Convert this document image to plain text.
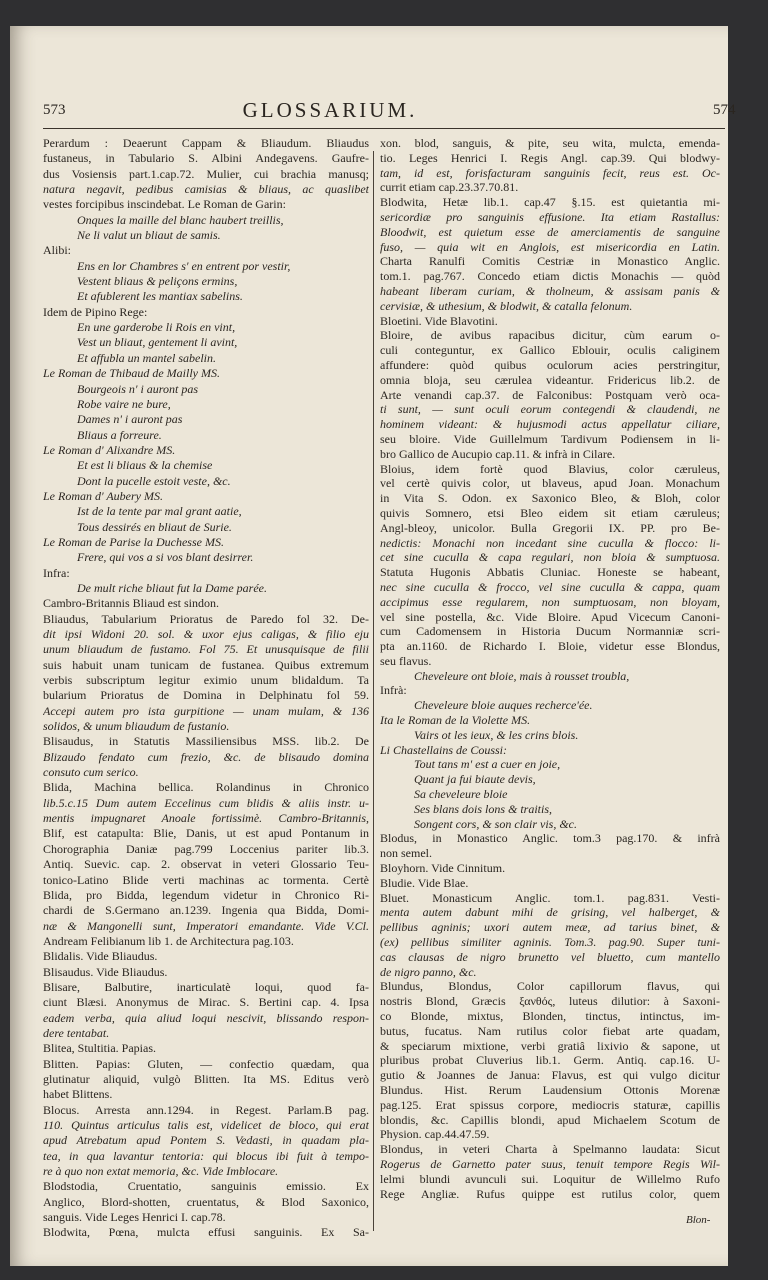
573	GLOSSARIUM.	574
Perardum : Deaerunt Cappam & Bliaudum. Bliaudus
fustaneus, in Tabulario S. Albini Andegavens. Gaufre-
dus Vosiensis part.1.cap.72. Mulier, cui brachia manusq;
natura negavit, pedibus camisias & bliaus, ac quaslibet
vestes forcipibus inscindebat. Le Roman de Garin:
Onques la maille del blanc haubert treillis,
Ne li valut un bliaut de samis.
Alibi:
Ens en lor Chambres s' en entrent por vestir,
Vestent bliaus & peliçons ermins,
Et afublerent les mantiax sabelins.
Idem de Pipino Rege:
En une garderobe li Rois en vint,
Vest un bliaut, gentement li avint,
Et affubla un mantel sabelin.
Le Roman de Thibaud de Mailly MS.
Bourgeois n' i auront pas
Robe vaire ne bure,
Dames n' i auront pas
Bliaus a forreure.
Le Roman d' Alixandre MS.
Et est li bliaus & la chemise
Dont la pucelle estoit veste, &c.
Le Roman d' Aubery MS.
Ist de la tente par mal grant aatie,
Tous dessirés en bliaut de Surie.
Le Roman de Parise la Duchesse MS.
Frere, qui vos a si vos blant desirrer.
Infra:
De mult riche bliaut fut la Dame parée.
Cambro-Britannis Bliaud est sindon.
Bliaudus, Tabularium Prioratus de Paredo fol 32. De-
dit ipsi Widoni 20. sol. & uxor ejus caligas, & filio eju
unum bliaudum de fustamo. Fol 75. Et unusquisque de filii
suis habuit unam tunicam de fustanea. Quibus extremum
verbis subscriptum legitur eximio unum blidaldum. Ta
bularium Prioratus de Domina in Delphinatu fol 59.
Accepi autem pro ista gurpitione — unam mulam, & 136
solidos, & unum bliaudum de fustanio.
Blisaudus, in Statutis Massiliensibus MSS. lib.2. De
Blizaudo fendato cum frezio, &c. de blisaudo domina
consuto cum serico.
Blida, Machina bellica. Rolandinus in Chronico
lib.5.c.15 Dum autem Eccelinus cum blidis & aliis instr. u-
mentis impugnaret Anoale fortissimè. Cambro-Britannis,
Blif, est catapulta: Blie, Danis, ut est apud Pontanum in
Chorographia Daniæ pag.799 Loccenius pariter lib.3.
Antiq. Suevic. cap. 2. observat in veteri Glossario Teu-
tonico-Latino Blide verti machinas ac tormenta. Certè
Blida, pro Bidda, legendum videtur in Chronico Ri-
chardi de S.Germano an.1239. Ingenia qua Bidda, Domi-
næ & Mangonelli sunt, Imperatori emandante. Vide V.Cl.
Andream Felibianum lib 1. de Architectura pag.103.
Blidalis. Vide Bliaudus.
Blisaudus. Vide Bliaudus.
Blisare, Balbutire, inarticulatè loqui, quod fa-
ciunt Blæsi. Anonymus de Mirac. S. Bertini cap. 4. Ipsa
eadem verba, quia aliud loqui nescivit, blissando respon-
dere tentabat.
Blitea, Stultitia. Papias.
Blitten. Papias: Gluten, — confectio quædam, qua
glutinatur aliquid, vulgò Blitten. Ita MS. Editus verò
habet Blittens.
Blocus. Arresta ann.1294. in Regest. Parlam.B pag.
110. Quintus articulus talis est, videlicet de bloco, qui erat
apud Atrebatum apud Pontem S. Vedasti, in quadam pla-
tea, in qua lavantur tentoria: qui blocus ibi fuit à tempo-
re à quo non extat memoria, &c. Vide Imblocare.
Blodstodia, Cruentatio, sanguinis emissio. Ex
Anglico, Blord-shotten, cruentatus, & Blod Saxonico,
sanguis. Vide Leges Henrici I. cap.78.
Blodwita, Pœna, mulcta effusi sanguinis. Ex Sa-
xon. blod, sanguis, & pite, seu wita, mulcta, emenda-
tio. Leges Henrici I. Regis Angl. cap.39. Qui blodwy-
tam, id est, forisfacturam sanguinis fecit, reus est. Oc-
currit etiam cap.23.37.70.81.
Blodwita, Hetæ lib.1. cap.47 §.15. est quietantia mi-
sericordiæ pro sanguinis effusione. Ita etiam Rastallus:
Bloodwit, est quietum esse de amerciamentis de sanguine
fuso, — quia wit en Anglois, est misericordia en Latin.
Charta Ranulfi Comitis Cestriæ in Monastico Anglic.
tom.1. pag.767. Concedo etiam dictis Monachis — quòd
habeant liberam curiam, & tholneum, & assisam panis &
cervisiæ, & uthesium, & blodwit, & catalla felonum.
Bloetini. Vide Blavotini.
Bloire, de avibus rapacibus dicitur, cùm earum o-
culi conteguntur, ex Gallico Eblouir, oculis caliginem
affundere: quòd quibus oculorum acies perstringitur,
omnia bloja, seu cærulea videantur. Fridericus lib.2. de
Arte venandi cap.37. de Falconibus: Postquam verò oca-
ti sunt, — sunt oculi eorum contegendi & claudendi, ne
hominem videant: & hujusmodi actus appellatur ciliare,
seu bloire. Vide Guillelmum Tardivum Podiensem in li-
bro Gallico de Aucupio cap.11. & infrà in Cilare.
Bloius, idem fortè quod Blavius, color cæruleus,
vel certè quivis color, ut blaveus, apud Joan. Monachum
in Vita S. Odon. ex Saxonico Bleo, & Bloh, color
quivis Somnero, etsi Bleo eidem sit etiam cæruleus;
Angl-bleoy, unicolor. Bulla Gregorii IX. PP. pro Be-
nedictis: Monachi non incedant sine cuculla & flocco: li-
cet sine cuculla & capa regulari, non bloia & sumptuosa.
Statuta Hugonis Abbatis Cluniac. Honeste se habeant,
nec sine cuculla & frocco, vel sine cuculla & cappa, quam
accipimus esse regularem, non sumptuosam, non bloyam,
vel sine postella, &c. Vide Bloire. Apud Vicecum Canoni-
cum Cadomensem in Historia Ducum Normanniæ scri-
pta an.1160. de Richardo I. Bloie, videtur esse Blondus,
seu flavus.
Cheveleure ont bloie, mais à rousset troubla,
Infrà:
Cheveleure bloie auques recherce'ée.
Ita le Roman de la Violette MS.
Vairs ot les ieux, & les crins blois.
Li Chastellains de Coussi:
Tout tans m' est a cuer en joie,
Quant ja fui biaute devis,
Sa cheveleure bloie
Ses blans dois lons & traitis,
Songent cors, & son clair vis, &c.
Blodus, in Monastico Anglic. tom.3 pag.170. & infrà
non semel.
Bloyhorn. Vide Cinnitum.
Bludie. Vide Blae.
Bluet. Monasticum Anglic. tom.1. pag.831. Vesti-
menta autem dabunt mihi de grising, vel halberget, &
pellibus agninis; uxori autem meæ, ad tarius binet, &
(ex) pellibus similiter agninis. Tom.3. pag.90. Super tuni-
cas clausas de nigro brunetto vel bluetto, cum mantello
de nigro panno, &c.
Blundus, Blondus, Color capillorum flavus, qui
nostris Blond, Græcis ξανθός, luteus dilutior: à Saxoni-
co Blonde, mixtus, Blonden, tinctus, intinctus, im-
butus, fucatus. Nam rutilus color fiebat arte quadam,
& speciarum mixtione, verbi gratiâ lixivio & sapone, ut
pluribus probat Cluverius lib.1. Germ. Antiq. cap.16. U-
gutio & Joannes de Janua: Flavus, est qui vulgo dicitur
Blundus. Hist. Rerum Laudensium Ottonis Morenæ
pag.125. Erat spissus corpore, mediocris staturæ, capillis
blondis, &c. Capillis blondi, apud Michaelem Scotum de
Physion. cap.44.47.59.
Blondus, in veteri Charta à Spelmanno laudata: Sicut
Rogerus de Garnetto pater suus, tenuit tempore Regis Wil-
lelmi blundi avunculi sui. Loquitur de Willelmo Rufo
Rege Angliæ. Rufus quippe est rutilus color, quem
Blon-
